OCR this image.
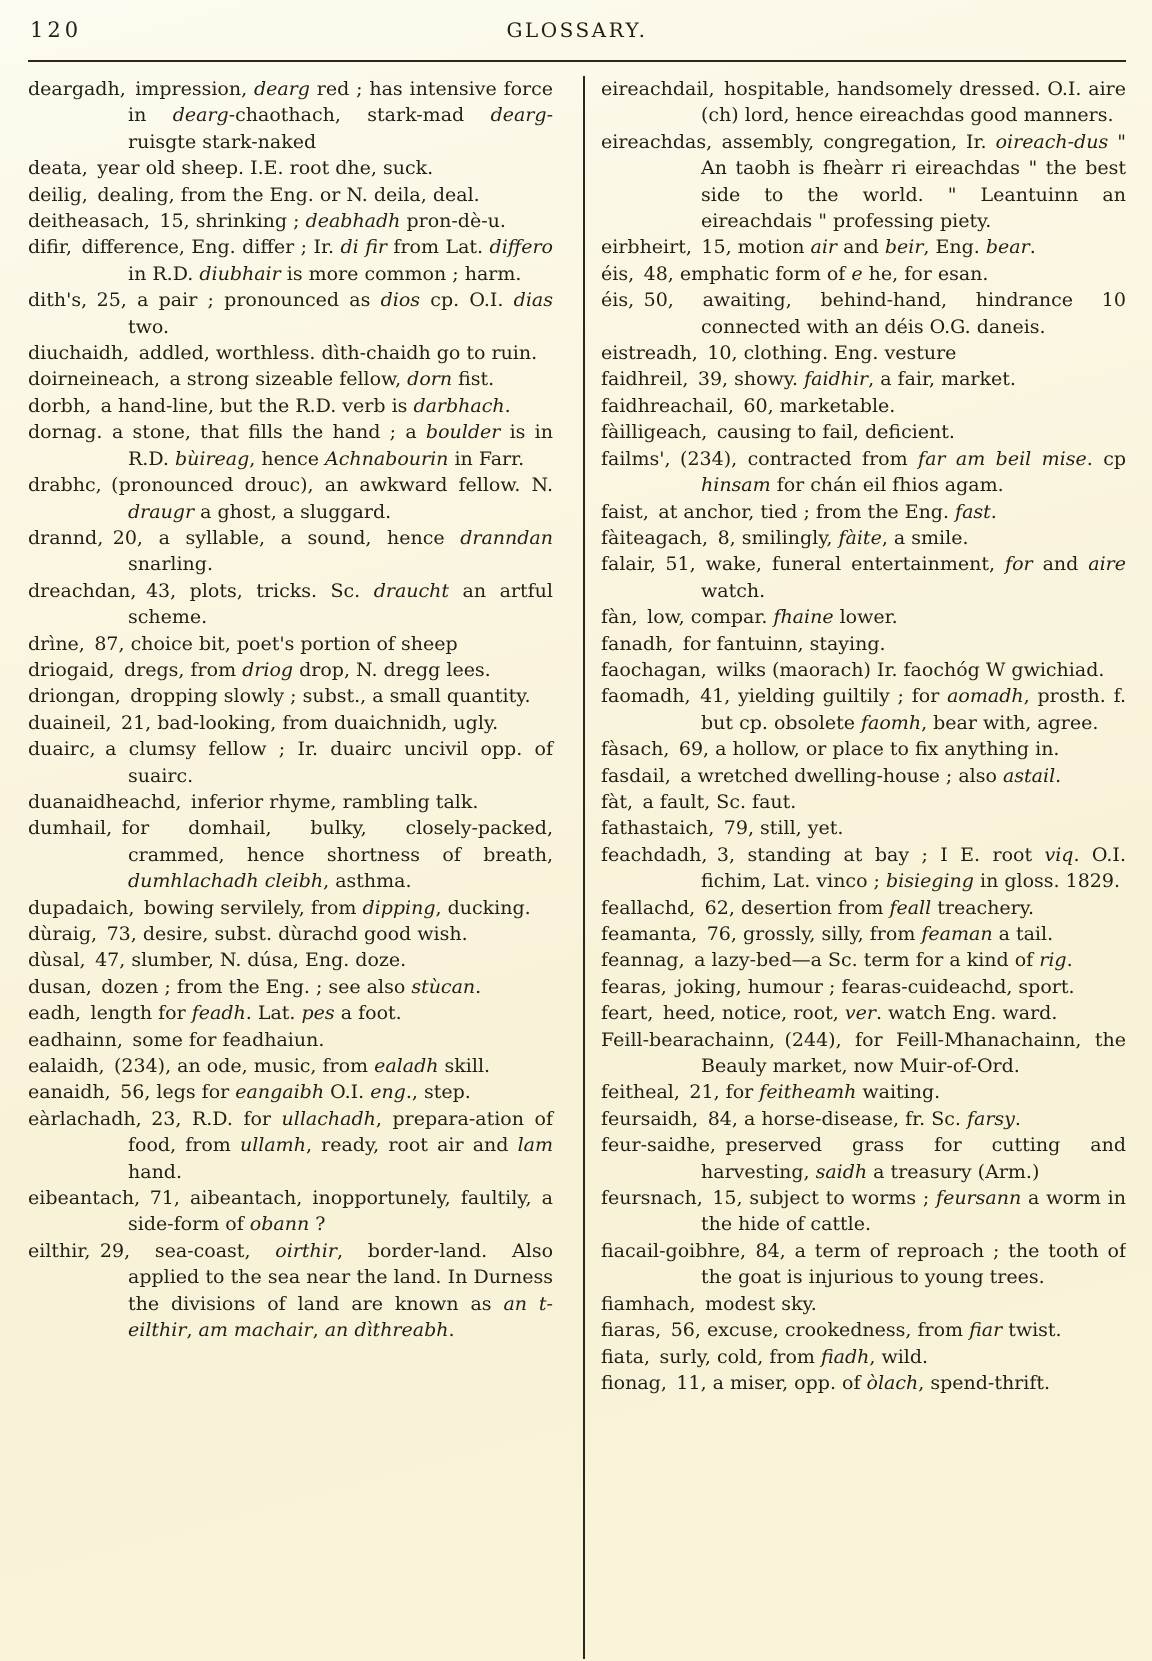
120	GLOSSARY.

deargadh,  impression, dearg red ; has intensive force in dearg-chaothach, stark-mad dearg-ruisgte stark-naked

deata,  year old sheep. I.E. root dhe, suck.

deilig,  dealing, from the Eng. or N. deila, deal.

deitheasach,  15, shrinking ; deabhadh pron-dè-u.

difir,  difference, Eng. differ ; Ir. di fir from Lat. differo in R.D. diubhair is more common ; harm.

dith's,  25, a pair ; pronounced as dios cp. O.I. dias two.

diuchaidh,  addled, worthless. dìth-chaidh go to ruin.

doirneineach,  a strong sizeable fellow, dorn fist.

dorbh,  a hand-line, but the R.D. verb is darbhach.

dornag.  a stone, that fills the hand ; a boulder is in R.D. bùireag, hence Achnabourin in Farr.

drabhc,  (pronounced drouc), an awkward fellow. N. draugr a ghost, a sluggard.

drannd,  20, a syllable, a sound, hence dranndan snarling.

dreachdan,  43, plots, tricks. Sc. draucht an artful scheme.

drìne,  87, choice bit, poet's portion of sheep

driogaid,  dregs, from driog drop, N. dregg lees.

driongan,  dropping slowly ; subst., a small quantity.

duaineil,  21, bad-looking, from duaichnidh, ugly.

duairc,  a clumsy fellow ; Ir. duairc uncivil opp. of suairc.

duanaidheachd,  inferior rhyme, rambling talk.

dumhail,  for domhail, bulky, closely-packed, crammed, hence shortness of breath, dumhlachadh cleibh, asthma.

dupadaich,  bowing servilely, from dipping, ducking.

dùraig,  73, desire, subst. dùrachd good wish.

dùsal,  47, slumber, N. dúsa, Eng. doze.

dusan,  dozen ; from the Eng. ; see also stùcan.

eadh,  length for feadh. Lat. pes a foot.

eadhainn,  some for feadhaiun.

ealaidh,  (234), an ode, music, from ealadh skill.

eanaidh,  56, legs for eangaibh O.I. eng., step.

eàrlachadh,  23, R.D. for ullachadh, prepara-ation of food, from ullamh, ready, root air and lam hand.

eibeantach,  71, aibeantach, inopportunely, faultily, a side-form of obann ?

eilthir,  29, sea-coast, oirthir, border-land. Also applied to the sea near the land. In Durness the divisions of land are known as an t-eilthir, am machair, an dìthreabh.

eireachdail,  hospitable, handsomely dressed. O.I. aire (ch) lord, hence eireachdas good manners.

eireachdas,  assembly, congregation, Ir. oireach-dus " An taobh is fheàrr ri eireachdas " the best side to the world. " Leantuinn an eireachdais " professing piety.

eirbheirt,  15, motion air and beir, Eng. bear.

éis,  48, emphatic form of e he, for esan.

éis,  50, awaiting, behind-hand, hindrance 10 connected with an déis O.G. daneis.

eistreadh,  10, clothing. Eng. vesture

faidhreil,  39, showy. faidhir, a fair, market.

faidhreachail,  60, marketable.

fàilligeach,  causing to fail, deficient.

failms',  (234), contracted from far am beil mise. cp hinsam for chán eil fhios agam.

faist,  at anchor, tied ; from the Eng. fast.

fàiteagach,  8, smilingly, fàite, a smile.

falair,  51, wake, funeral entertainment, for and aire watch.

fàn,  low, compar. fhaine lower.

fanadh,  for fantuinn, staying.

faochagan,  wilks (maorach) Ir. faochóg W gwichiad.

faomadh,  41, yielding guiltily ; for aomadh, prosth. f. but cp. obsolete faomh, bear with, agree.

fàsach,  69, a hollow, or place to fix anything in.

fasdail,  a wretched dwelling-house ; also astail.

fàt,  a fault, Sc. faut.

fathastaich,  79, still, yet.

feachdadh,  3, standing at bay ; I E. root viq. O.I. fichim, Lat. vinco ; bisieging in gloss. 1829.

feallachd,  62, desertion from feall treachery.

feamanta,  76, grossly, silly, from feaman a tail.

feannag,  a lazy-bed—a Sc. term for a kind of rig.

fearas,  joking, humour ; fearas-cuideachd, sport.

feart,  heed, notice, root, ver. watch Eng. ward.

Feill-bearachainn,  (244), for Feill-Mhanachainn, the Beauly market, now Muir-of-Ord.

feitheal,  21, for feitheamh waiting.

feursaidh,  84, a horse-disease, fr. Sc. farsy.

feur-saidhe,  preserved grass for cutting and harvesting, saidh a treasury (Arm.)

feursnach,  15, subject to worms ; feursann a worm in the hide of cattle.

fiacail-goibhre,  84, a term of reproach ; the tooth of the goat is injurious to young trees.

fiamhach,  modest sky.

fiaras,  56, excuse, crookedness, from fiar twist.

fiata,  surly, cold, from fiadh, wild.

fionag,  11, a miser, opp. of òlach, spend-thrift.
